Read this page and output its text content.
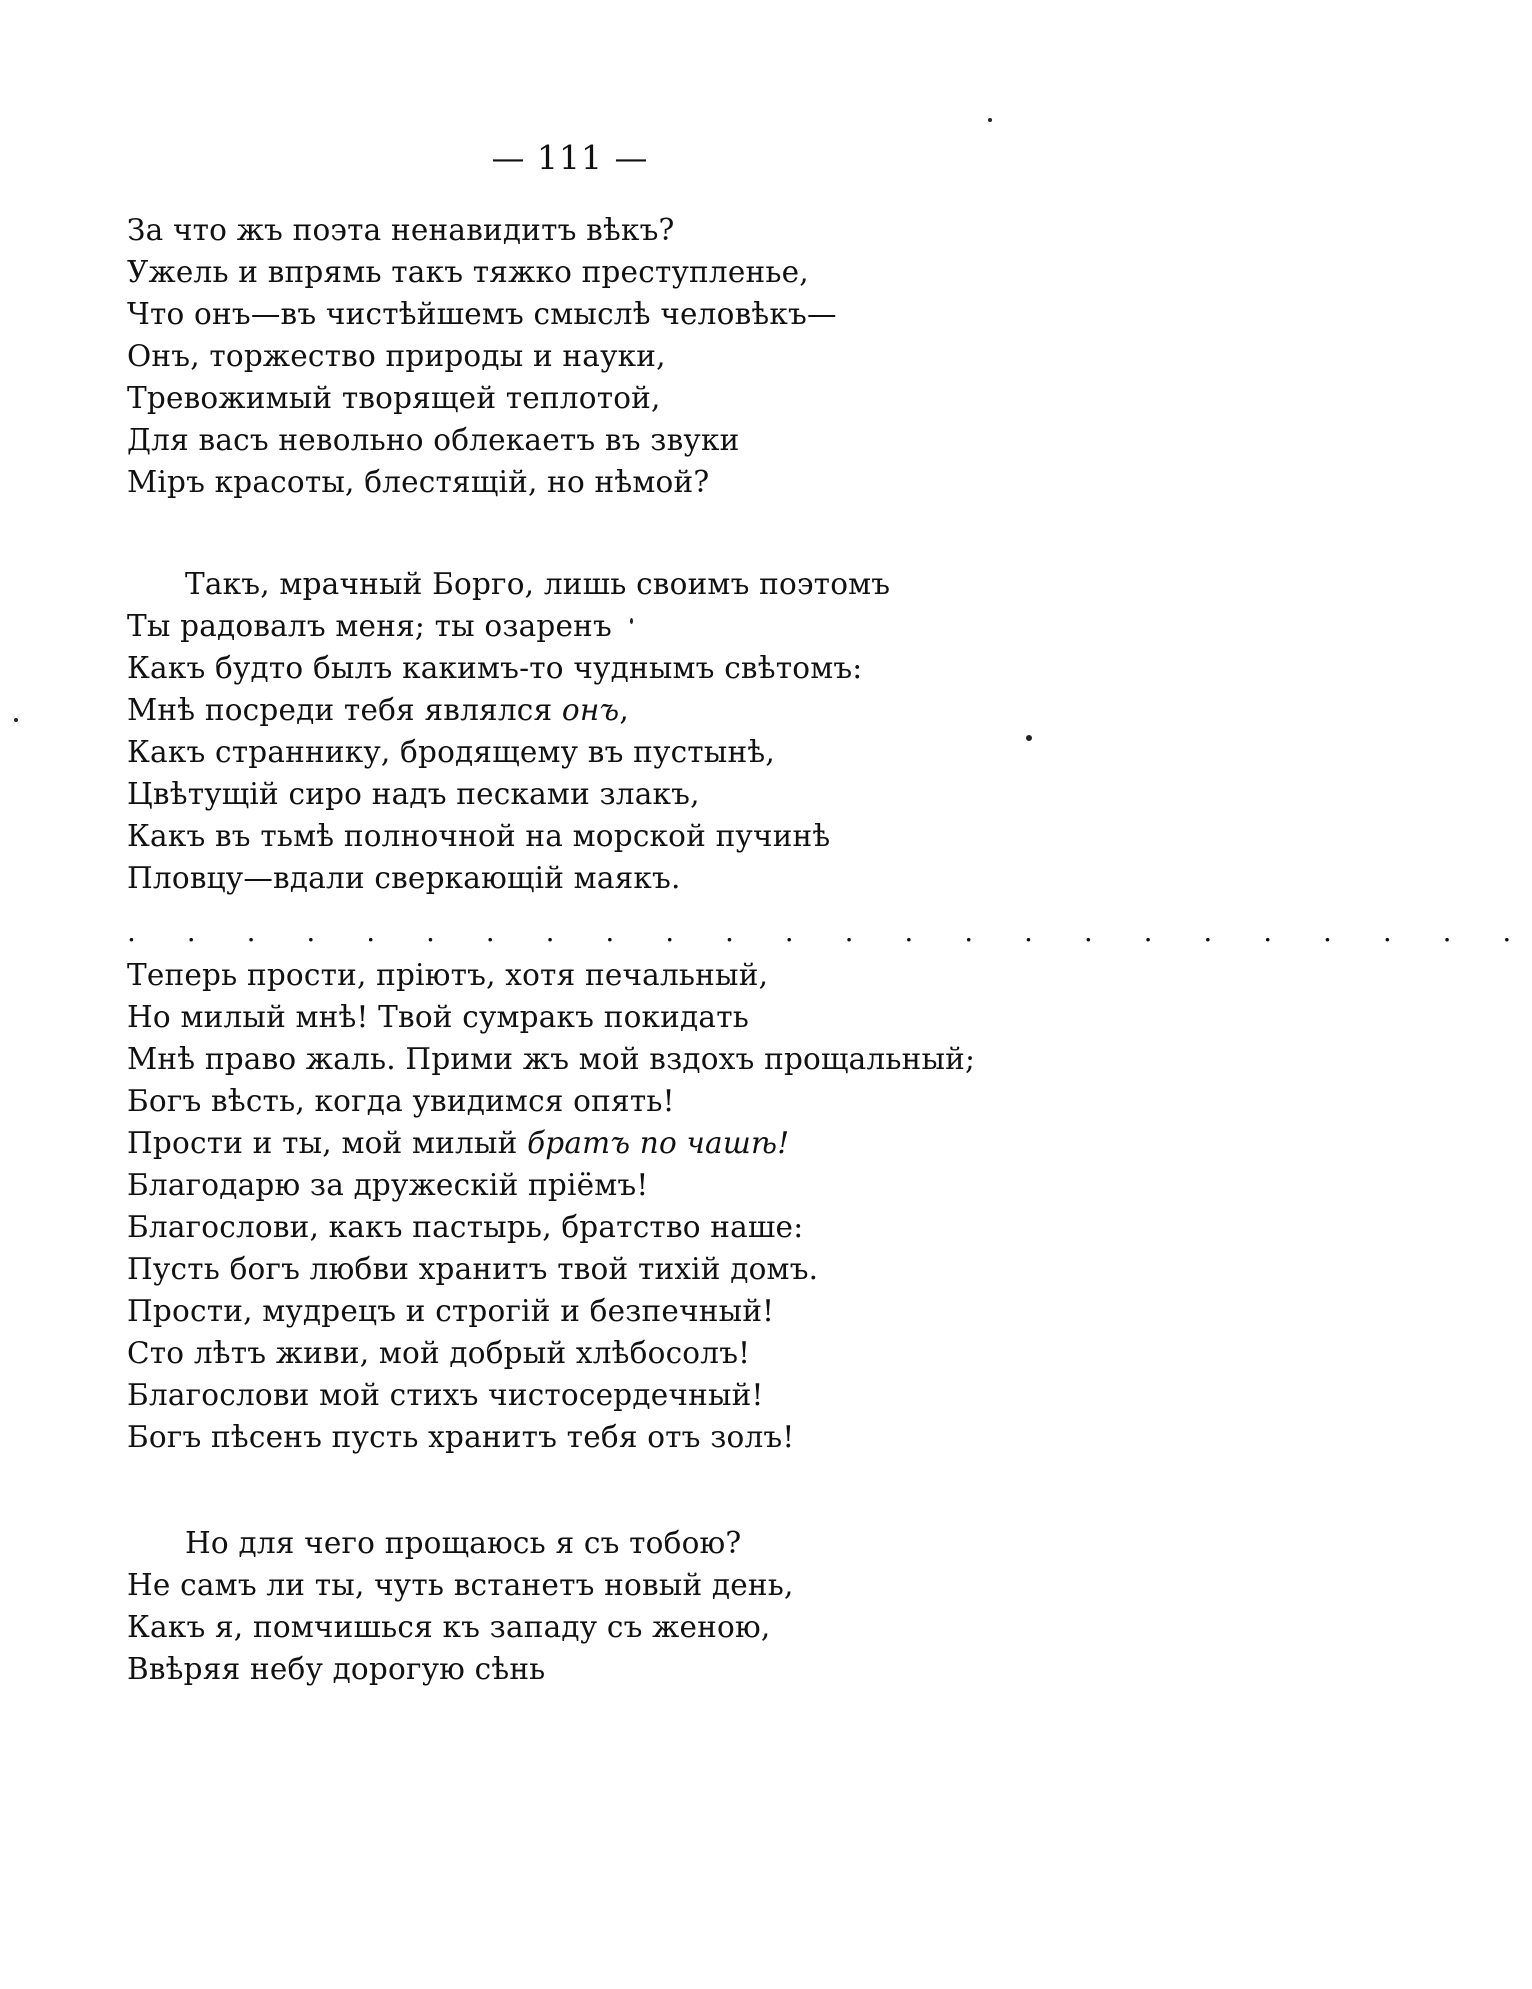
— 111 —
За что жъ поэта ненавидитъ вѣкъ?
Ужель и впрямь такъ тяжко преступленье,
Что онъ—въ чистѣйшемъ смыслѣ человѣкъ—
Онъ, торжество природы и науки,
Тревожимый творящей теплотой,
Для васъ невольно облекаетъ въ звуки
Міръ красоты, блестящій, но нѣмой?
Такъ, мрачный Борго, лишь своимъ поэтомъ
Ты радовалъ меня; ты озаренъ
Какъ будто былъ какимъ-то чуднымъ свѣтомъ:
Мнѣ посреди тебя являлся онъ,
Какъ страннику, бродящему въ пустынѣ,
Цвѣтущій сиро надъ песками злакъ,
Какъ въ тьмѣ полночной на морской пучинѣ
Пловцу—вдали сверкающій маякъ.
. . . . . . . . . . . . . . . . . . . . . . . .
Теперь прости, пріютъ, хотя печальный,
Но милый мнѣ! Твой сумракъ покидать
Мнѣ право жаль. Прими жъ мой вздохъ прощальный;
Богъ вѣсть, когда увидимся опять!
Прости и ты, мой милый братъ по чашѣ!
Благодарю за дружескій пріёмъ!
Благослови, какъ пастырь, братство наше:
Пусть богъ любви хранитъ твой тихій домъ.
Прости, мудрецъ и строгій и безпечный!
Сто лѣтъ живи, мой добрый хлѣбосолъ!
Благослови мой стихъ чистосердечный!
Богъ пѣсенъ пусть хранитъ тебя отъ золъ!
Но для чего прощаюсь я съ тобою?
Не самъ ли ты, чуть встанетъ новый день,
Какъ я, помчишься къ западу съ женою,
Ввѣряя небу дорогую сѣнь
